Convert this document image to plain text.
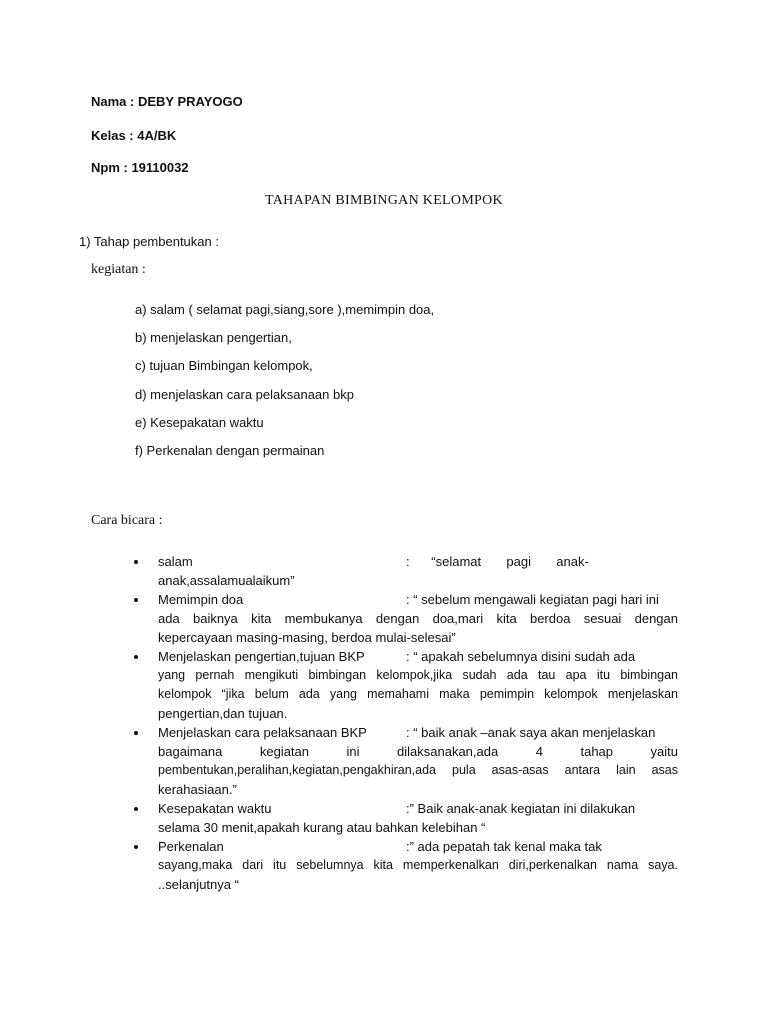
Nama : DEBY PRAYOGO

Kelas : 4A/BK

Npm : 19110032

TAHAPAN BIMBINGAN KELOMPOK

1) Tahap pembentukan :

kegiatan :

a) salam ( selamat pagi,siang,sore ),memimpin doa,

b) menjelaskan pengertian,

c) tujuan Bimbingan kelompok,

d) menjelaskan cara pelaksanaan bkp

e) Kesepakatan waktu

f) Perkenalan dengan permainan

Cara bicara :

salam	:      “selamat       pagi       anak-
anak,assalamualaikum”
Memimpin doa	: “ sebelum mengawali kegiatan pagi hari ini
ada baiknya kita membukanya dengan doa,mari kita berdoa sesuai dengan
kepercayaan masing-masing, berdoa mulai-selesai”
Menjelaskan pengertian,tujuan BKP	: “ apakah sebelumnya disini sudah ada
yang pernah mengikuti bimbingan kelompok,jika sudah ada tau apa itu bimbingan
kelompok “jika belum ada yang memahami maka pemimpin kelompok menjelaskan
pengertian,dan tujuan.
Menjelaskan cara pelaksanaan BKP	: “ baik anak –anak saya akan menjelaskan
bagaimana kegiatan ini dilaksanakan,ada 4 tahap yaitu
pembentukan,peralihan,kegiatan,pengakhiran,ada pula asas-asas antara lain asas
kerahasiaan.”
Kesepakatan waktu	:” Baik anak-anak kegiatan ini dilakukan
selama 30 menit,apakah kurang atau bahkan kelebihan “
Perkenalan	:” ada pepatah tak kenal maka tak
sayang,maka dari itu sebelumnya kita memperkenalkan diri,perkenalkan nama saya.
..selanjutnya “
